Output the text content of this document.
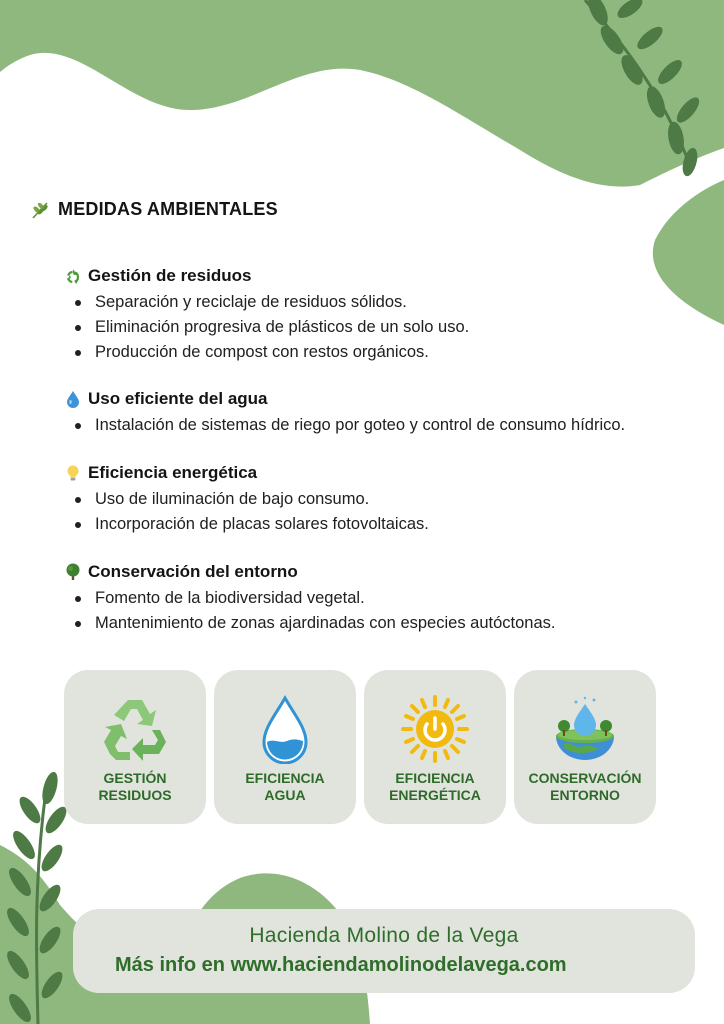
MEDIDAS AMBIENTALES
Gestión de residuos
Separación y reciclaje de residuos sólidos.
Eliminación progresiva de plásticos de un solo uso.
Producción de compost con restos orgánicos.
Uso eficiente del agua
Instalación de sistemas de riego por goteo y control de consumo hídrico.
Eficiencia energética
Uso de iluminación de bajo consumo.
Incorporación de placas solares fotovoltaicas.
Conservación del entorno
Fomento de la biodiversidad vegetal.
Mantenimiento de zonas ajardinadas con especies autóctonas.
GESTIÓN
RESIDUOS
EFICIENCIA
AGUA
EFICIENCIA
ENERGÉTICA
CONSERVACIÓN
ENTORNO
Hacienda Molino de la Vega
Más info en www.haciendamolinodelavega.com
